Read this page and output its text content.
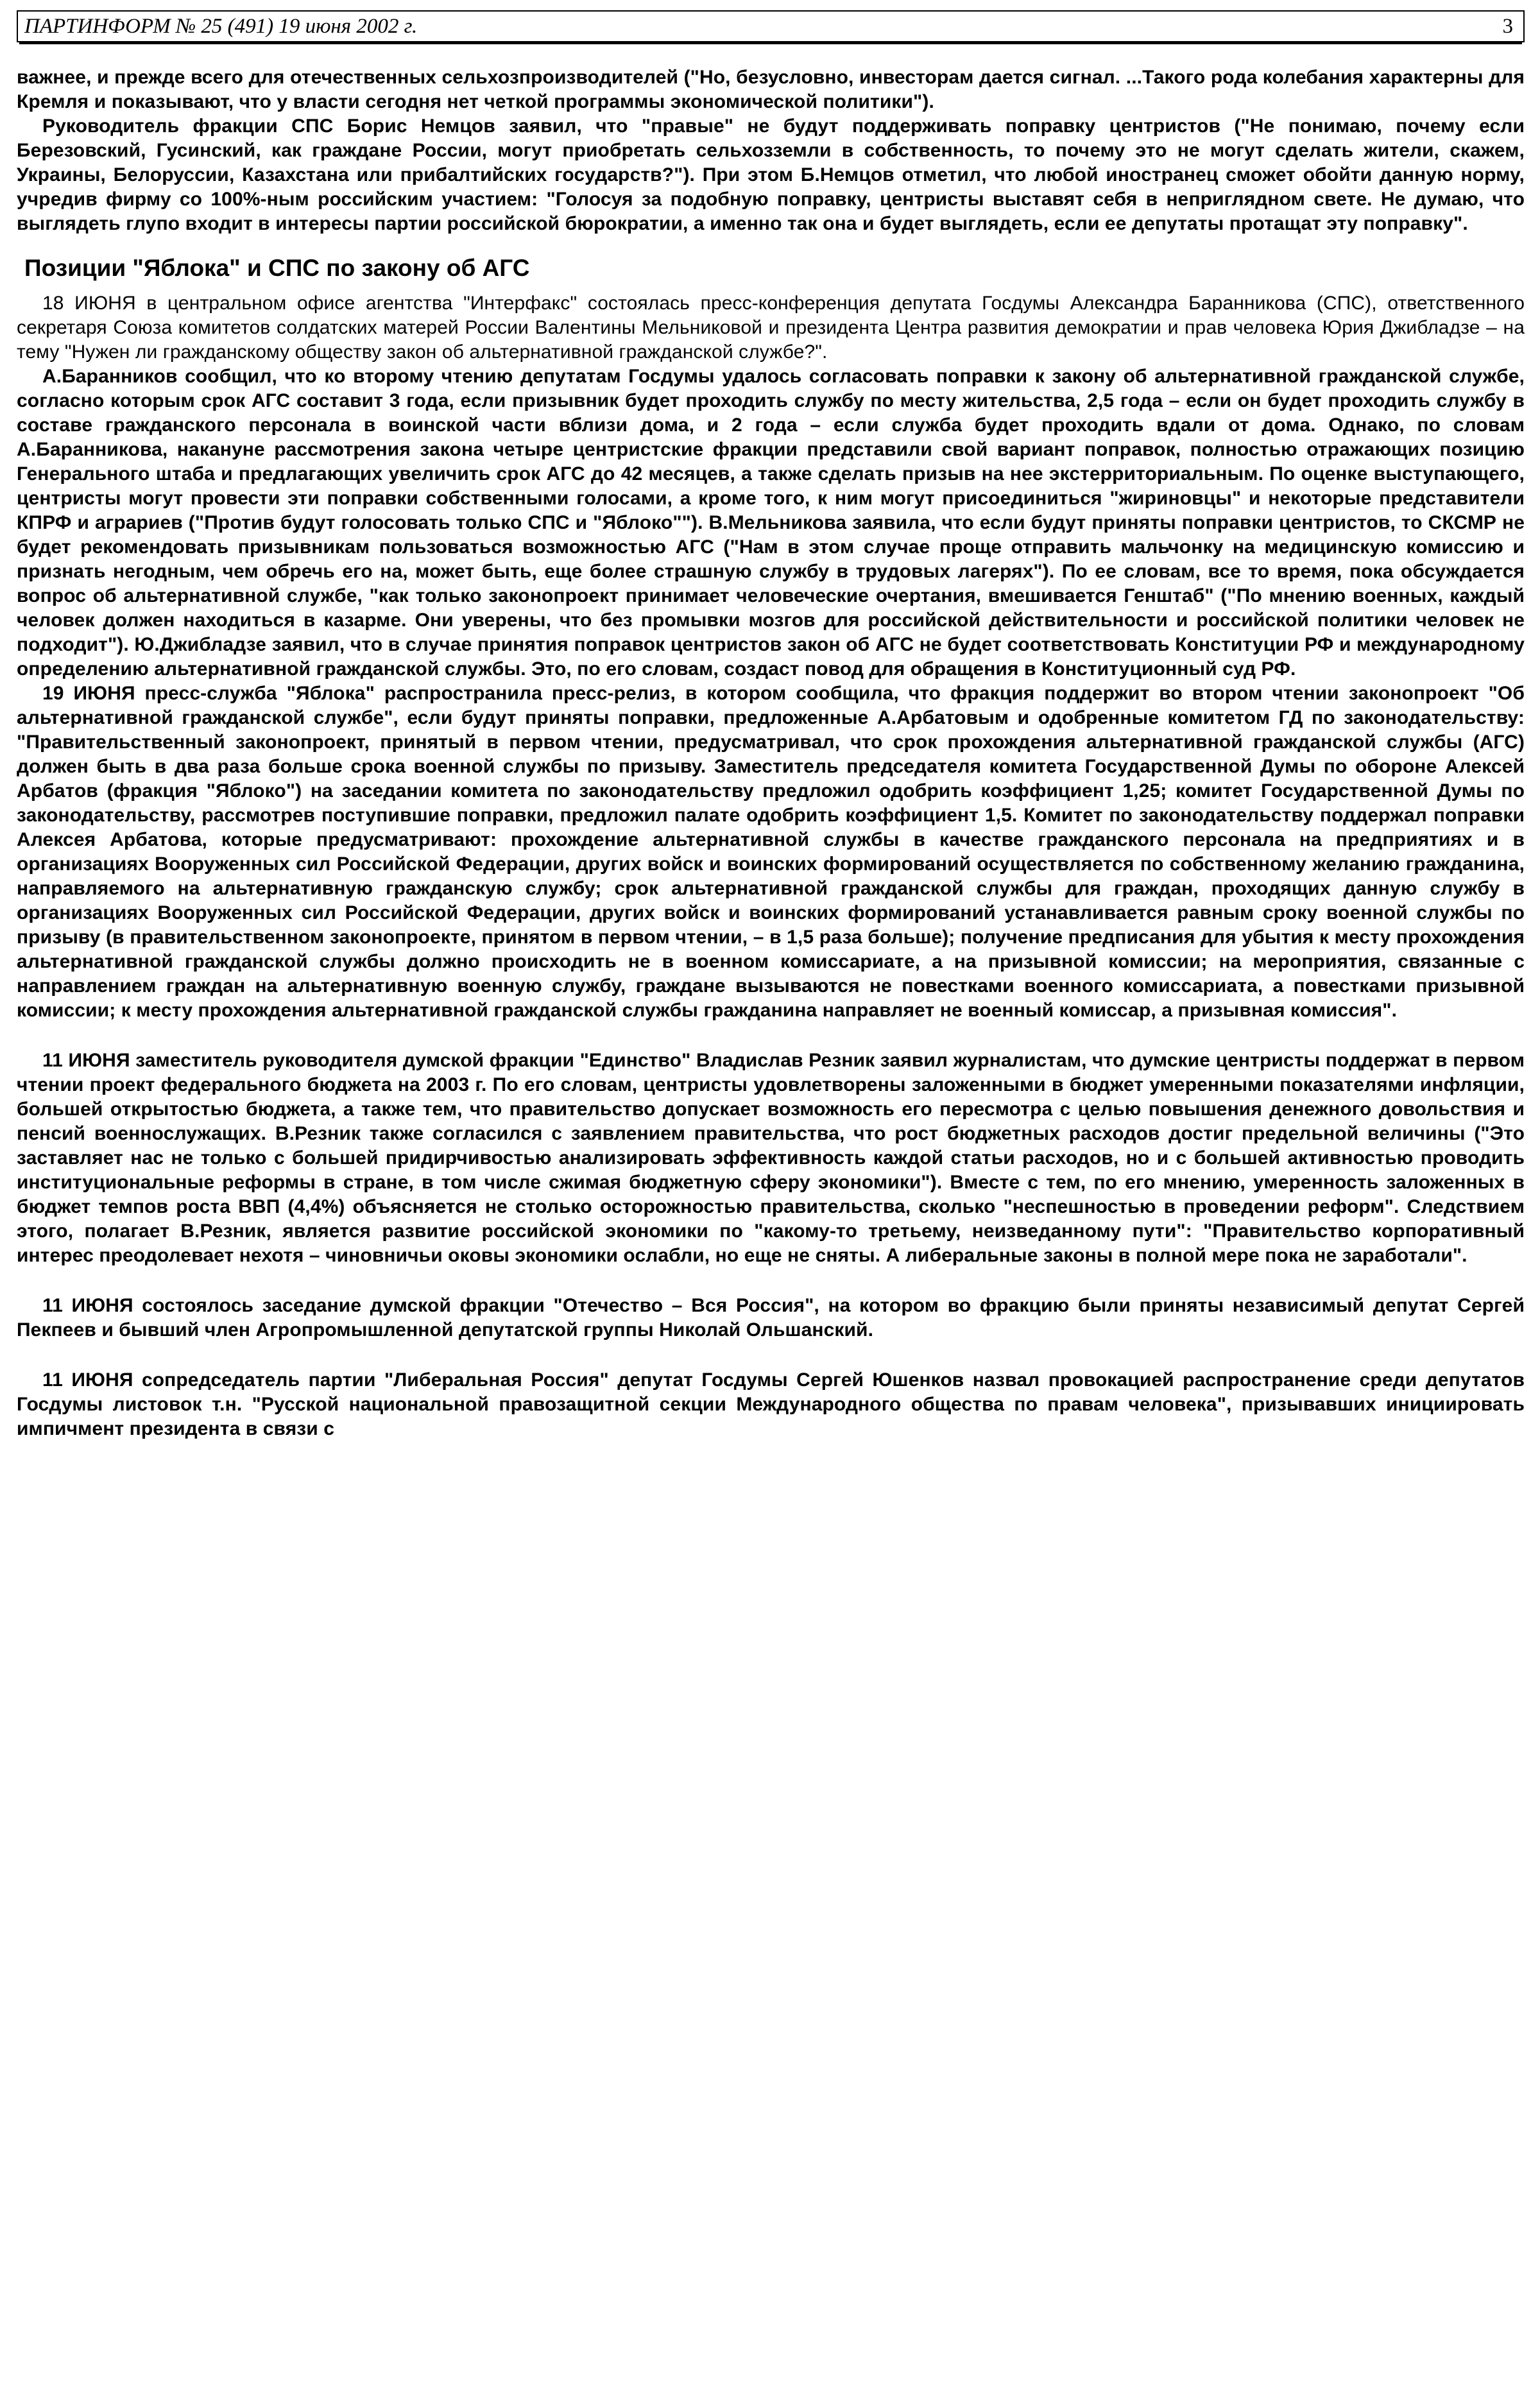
ПАРТИНФОРМ № 25 (491) 19 июня 2002 г.	3

важнее, и прежде всего для отечественных сельхозпроизводителей ("Но, безусловно, инвесторам дается сигнал. ...Такого рода колебания характерны для Кремля и показывают, что у власти сегодня нет четкой программы экономической политики").

Руководитель фракции СПС Борис Немцов заявил, что "правые" не будут поддерживать поправку центристов ("Не понимаю, почему если Березовский, Гусинский, как граждане России, могут приобретать сельхозземли в собственность, то почему это не могут сделать жители, скажем, Украины, Белоруссии, Казахстана или прибалтийских государств?"). При этом Б.Немцов отметил, что любой иностранец сможет обойти данную норму, учредив фирму со 100%-ным российским участием: "Голосуя за подобную поправку, центристы выставят себя в неприглядном свете. Не думаю, что выглядеть глупо входит в интересы партии российской бюрократии, а именно так она и будет выглядеть, если ее депутаты протащат эту поправку".

Позиции "Яблока" и СПС по закону об АГС

18 ИЮНЯ в центральном офисе агентства "Интерфакс" состоялась пресс-конференция депутата Госдумы Александра Баранникова (СПС), ответственного секретаря Союза комитетов солдатских матерей России Валентины Мельниковой и президента Центра развития демократии и прав человека Юрия Джибладзе – на тему "Нужен ли гражданскому обществу закон об альтернативной гражданской службе?".

А.Баранников сообщил, что ко второму чтению депутатам Госдумы удалось согласовать поправки к закону об альтернативной гражданской службе, согласно которым срок АГС составит 3 года, если призывник будет проходить службу по месту жительства, 2,5 года – если он будет проходить службу в составе гражданского персонала в воинской части вблизи дома, и 2 года – если служба будет проходить вдали от дома. Однако, по словам А.Баранникова, накануне рассмотрения закона четыре центристские фракции представили свой вариант поправок, полностью отражающих позицию Генерального штаба и предлагающих увеличить срок АГС до 42 месяцев, а также сделать призыв на нее экстерриториальным. По оценке выступающего, центристы могут провести эти поправки собственными голосами, а кроме того, к ним могут присоединиться "жириновцы" и некоторые представители КПРФ и аграриев ("Против будут голосовать только СПС и "Яблоко""). В.Мельникова заявила, что если будут приняты поправки центристов, то СКСМР не будет рекомендовать призывникам пользоваться возможностью АГС ("Нам в этом случае проще отправить мальчонку на медицинскую комиссию и признать негодным, чем обречь его на, может быть, еще более страшную службу в трудовых лагерях"). По ее словам, все то время, пока обсуждается вопрос об альтернативной службе, "как только законопроект принимает человеческие очертания, вмешивается Генштаб" ("По мнению военных, каждый человек должен находиться в казарме. Они уверены, что без промывки мозгов для российской действительности и российской политики человек не подходит"). Ю.Джибладзе заявил, что в случае принятия поправок центристов закон об АГС не будет соответствовать Конституции РФ и международному определению альтернативной гражданской службы. Это, по его словам, создаст повод для обращения в Конституционный суд РФ.

19 ИЮНЯ пресс-служба "Яблока" распространила пресс-релиз, в котором сообщила, что фракция поддержит во втором чтении законопроект "Об альтернативной гражданской службе", если будут приняты поправки, предложенные А.Арбатовым и одобренные комитетом ГД по законодательству: "Правительственный законопроект, принятый в первом чтении, предусматривал, что срок прохождения альтернативной гражданской службы (АГС) должен быть в два раза больше срока военной службы по призыву. Заместитель председателя комитета Государственной Думы по обороне Алексей Арбатов (фракция "Яблоко") на заседании комитета по законодательству предложил одобрить коэффициент 1,25; комитет Государственной Думы по законодательству, рассмотрев поступившие поправки, предложил палате одобрить коэффициент 1,5. Комитет по законодательству поддержал поправки Алексея Арбатова, которые предусматривают: прохождение альтернативной службы в качестве гражданского персонала на предприятиях и в организациях Вооруженных сил Российской Федерации, других войск и воинских формирований осуществляется по собственному желанию гражданина, направляемого на альтернативную гражданскую службу; срок альтернативной гражданской службы для граждан, проходящих данную службу в организациях Вооруженных сил Российской Федерации, других войск и воинских формирований устанавливается равным сроку военной службы по призыву (в правительственном законопроекте, принятом в первом чтении, – в 1,5 раза больше); получение предписания для убытия к месту прохождения альтернативной гражданской службы должно происходить не в военном комиссариате, а на призывной комиссии; на мероприятия, связанные с направлением граждан на альтернативную военную службу, граждане вызываются не повестками военного комиссариата, а повестками призывной комиссии; к месту прохождения альтернативной гражданской службы гражданина направляет не военный комиссар, а призывная комиссия".

11 ИЮНЯ заместитель руководителя думской фракции "Единство" Владислав Резник заявил журналистам, что думские центристы поддержат в первом чтении проект федерального бюджета на 2003 г. По его словам, центристы удовлетворены заложенными в бюджет умеренными показателями инфляции, большей открытостью бюджета, а также тем, что правительство допускает возможность его пересмотра с целью повышения денежного довольствия и пенсий военнослужащих. В.Резник также согласился с заявлением правительства, что рост бюджетных расходов достиг предельной величины ("Это заставляет нас не только с большей придирчивостью анализировать эффективность каждой статьи расходов, но и с большей активностью проводить институциональные реформы в стране, в том числе сжимая бюджетную сферу экономики"). Вместе с тем, по его мнению, умеренность заложенных в бюджет темпов роста ВВП (4,4%) объясняется не столько осторожностью правительства, сколько "неспешностью в проведении реформ". Следствием этого, полагает В.Резник, является развитие российской экономики по "какому-то третьему, неизведанному пути": "Правительство корпоративный интерес преодолевает нехотя – чиновничьи оковы экономики ослабли, но еще не сняты. А либеральные законы в полной мере пока не заработали".

11 ИЮНЯ состоялось заседание думской фракции "Отечество – Вся Россия", на котором во фракцию были приняты независимый депутат Сергей Пекпеев и бывший член Агропромышленной депутатской группы Николай Ольшанский.

11 ИЮНЯ сопредседатель партии "Либеральная Россия" депутат Госдумы Сергей Юшенков назвал провокацией распространение среди депутатов Госдумы листовок т.н. "Русской национальной правозащитной секции Международного общества по правам человека", призывавших инициировать импичмент президента в связи с
